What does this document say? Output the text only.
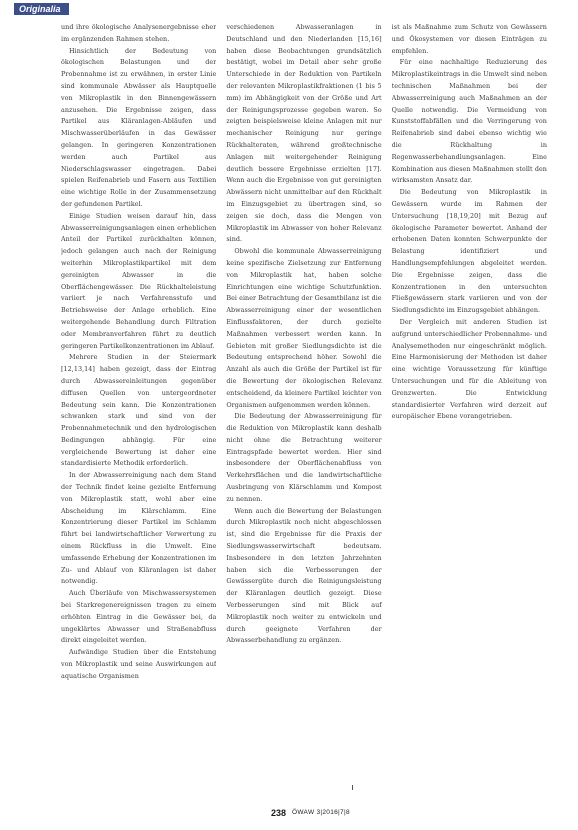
Originalia

und ihre ökologische Analysenergebnisse eher im ergänzenden Rahmen stehen.

Hinsichtlich der Bedeutung von ökologischen Belastungen und der Probennahme ist zu erwähnen, in erster Linie sind kommunale Abwässer als Hauptquelle von Mikroplastik in den Binnengewässern anzusehen. Die Ergebnisse zeigen, dass Partikel aus Kläranlagen-Abläufen und Mischwasserüberläufen in das Gewässer gelangen. In geringeren Konzentrationen werden auch Partikel aus Niederschlagswasser eingetragen. Dabei spielen Reifenabrieb und Fasern aus Textilien eine wichtige Rolle in der Zusammensetzung der gefundenen Partikel.

Einige Studien weisen darauf hin, dass Abwasserreinigungsanlagen einen erheblichen Anteil der Partikel zurückhalten können, jedoch gelangen auch nach der Reinigung weiterhin Mikroplastikpartikel mit dem gereinigten Abwasser in die Oberflächengewässer. Die Rückhalteleistung variiert je nach Verfahrensstufe und Betriebsweise der Anlage erheblich. Eine weitergehende Behandlung durch Filtration oder Membranverfahren führt zu deutlich geringeren Partikelkonzentrationen im Ablauf.

Mehrere Studien in der Steiermark [12,13,14] haben gezeigt, dass der Eintrag durch Abwassereinleitungen gegenüber diffusen Quellen von untergeordneter Bedeutung sein kann. Die Konzentrationen schwanken stark und sind von der Probennahmetechnik und den hydrologischen Bedingungen abhängig. Für eine vergleichende Bewertung ist daher eine standardisierte Methodik erforderlich.

In der Abwasserreinigung nach dem Stand der Technik findet keine gezielte Entfernung von Mikroplastik statt, wohl aber eine Abscheidung im Klärschlamm. Eine Konzentrierung dieser Partikel im Schlamm führt bei landwirtschaftlicher Verwertung zu einem Rückfluss in die Umwelt. Eine umfassende Erhebung der Konzentrationen im Zu- und Ablauf von Kläranlagen ist daher notwendig.

Auch Überläufe von Mischwassersystemen bei Starkregenereignissen tragen zu einem erhöhten Eintrag in die Gewässer bei, da ungeklärtes Abwasser und Straßenabfluss direkt eingeleitet werden.

Aufwändige Studien über die Entstehung von Mikroplastik und seine Auswirkungen auf aquatische Organismen

verschiedenen Abwasseranlagen in Deutschland und den Niederlanden [15,16] haben diese Beobachtungen grundsätzlich bestätigt, wobei im Detail aber sehr große Unterschiede in der Reduktion von Partikeln der relevanten Mikroplastikfraktionen (1 bis 5 mm) im Abhängigkeit von der Größe und Art der Reinigungsprozesse gegeben waren. So zeigten beispielsweise kleine Anlagen mit nur mechanischer Reinigung nur geringe Rückhalteraten, während großtechnische Anlagen mit weitergehender Reinigung deutlich bessere Ergebnisse erzielten [17]. Wenn auch die Ergebnisse von gut gereinigten Abwässern nicht unmittelbar auf den Rückhalt im Einzugsgebiet zu übertragen sind, so zeigen sie doch, dass die Mengen von Mikroplastik im Abwasser von hoher Relevanz sind.

Obwohl die kommunale Abwasserreinigung keine spezifische Zielsetzung zur Entfernung von Mikroplastik hat, haben solche Einrichtungen eine wichtige Schutzfunktion. Bei einer Betrachtung der Gesamtbilanz ist die Abwasserreinigung einer der wesentlichen Einflussfaktoren, der durch gezielte Maßnahmen verbessert werden kann. In Gebieten mit großer Siedlungsdichte ist die Bedeutung entsprechend höher. Sowohl die Anzahl als auch die Größe der Partikel ist für die Bewertung der ökologischen Relevanz entscheidend, da kleinere Partikel leichter von Organismen aufgenommen werden können.

Die Bedeutung der Abwasserreinigung für die Reduktion von Mikroplastik kann deshalb nicht ohne die Betrachtung weiterer Eintragspfade bewertet werden. Hier sind insbesondere der Oberflächenabfluss von Verkehrsflächen und die landwirtschaftliche Ausbringung von Klärschlamm und Kompost zu nennen.

Wenn auch die Bewertung der Belastungen durch Mikroplastik noch nicht abgeschlossen ist, sind die Ergebnisse für die Praxis der Siedlungswasserwirtschaft bedeutsam. Insbesondere in den letzten Jahrzehnten haben sich die Verbesserungen der Gewässergüte durch die Reinigungsleistung der Kläranlagen deutlich gezeigt. Diese Verbesserungen sind mit Blick auf Mikroplastik noch weiter zu entwickeln und durch geeignete Verfahren der Abwasserbehandlung zu ergänzen.

ist als Maßnahme zum Schutz von Gewässern und Ökosystemen vor diesen Einträgen zu empfehlen.

Für eine nachhaltige Reduzierung des Mikroplastikeintrags in die Umwelt sind neben technischen Maßnahmen bei der Abwasserreinigung auch Maßnahmen an der Quelle notwendig. Die Vermeidung von Kunststoffabfällen und die Verringerung von Reifenabrieb sind dabei ebenso wichtig wie die Rückhaltung in Regenwasserbehandlungsanlagen. Eine Kombination aus diesen Maßnahmen stellt den wirksamsten Ansatz dar.

Die Bedeutung von Mikroplastik in Gewässern wurde im Rahmen der Untersuchung [18,19,20] mit Bezug auf ökologische Parameter bewertet. Anhand der erhobenen Daten konnten Schwerpunkte der Belastung identifiziert und Handlungsempfehlungen abgeleitet werden. Die Ergebnisse zeigen, dass die Konzentrationen in den untersuchten Fließgewässern stark variieren und von der Siedlungsdichte im Einzugsgebiet abhängen.

Der Vergleich mit anderen Studien ist aufgrund unterschiedlicher Probennahme- und Analysemethoden nur eingeschränkt möglich. Eine Harmonisierung der Methoden ist daher eine wichtige Voraussetzung für künftige Untersuchungen und für die Ableitung von Grenzwerten. Die Entwicklung standardisierter Verfahren wird derzeit auf europäischer Ebene vorangetrieben.

238 ÖWAW 3|2016|7|8
